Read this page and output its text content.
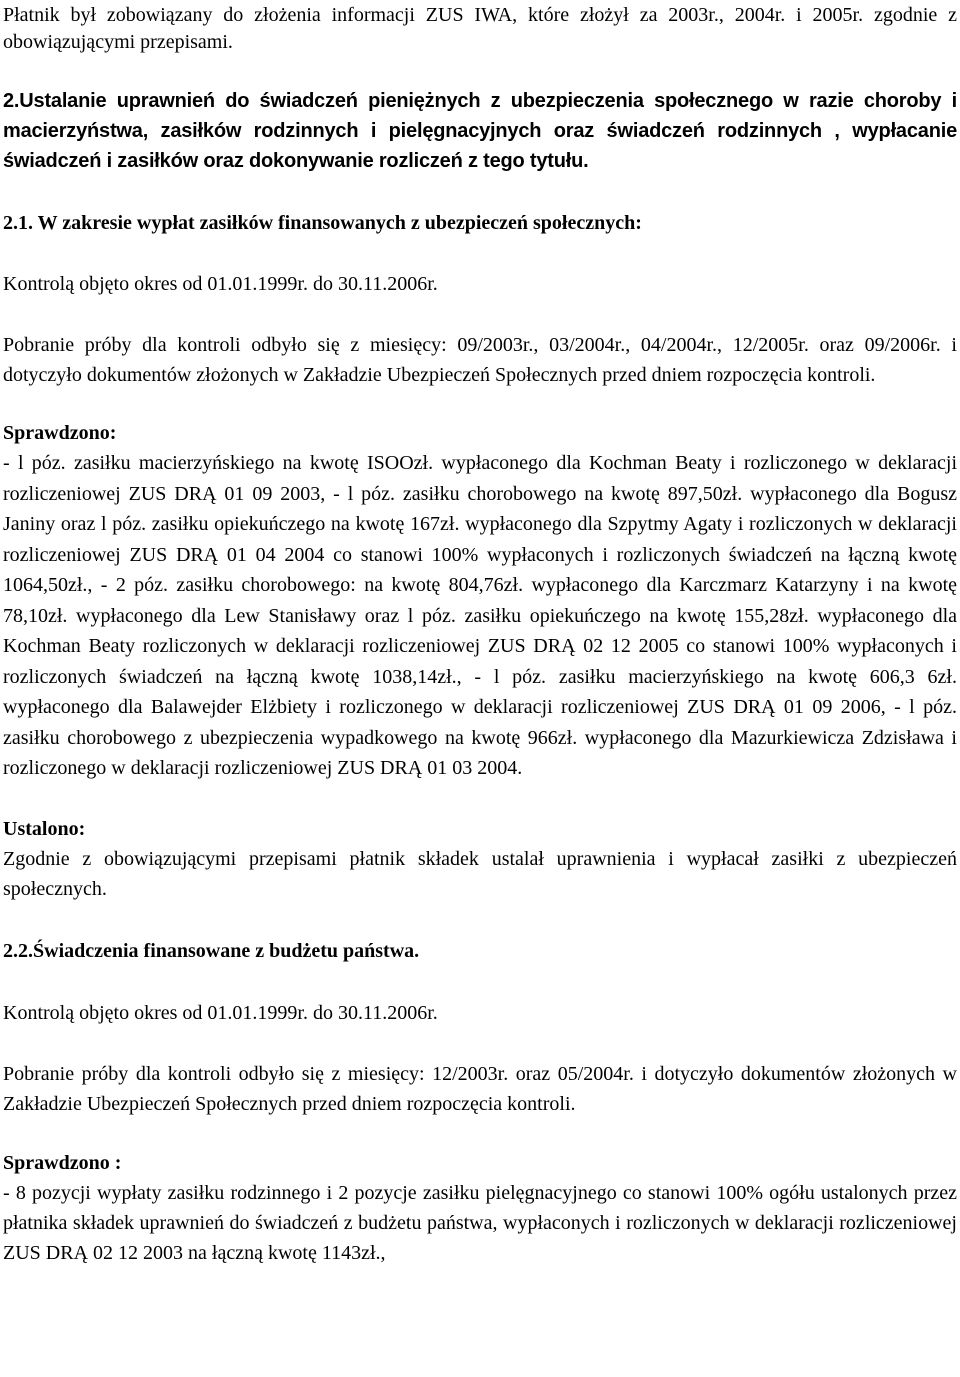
Płatnik był zobowiązany do złożenia informacji ZUS IWA, które złożył za 2003r., 2004r. i 2005r. zgodnie z obowiązującymi przepisami.

2.Ustalanie uprawnień do świadczeń pieniężnych z ubezpieczenia społecznego w razie choroby i macierzyństwa, zasiłków rodzinnych i pielęgnacyjnych oraz świadczeń rodzinnych , wypłacanie świadczeń i zasiłków oraz dokonywanie rozliczeń z tego tytułu.

2.1. W zakresie wypłat zasiłków finansowanych z ubezpieczeń społecznych:

Kontrolą objęto okres od 01.01.1999r. do 30.11.2006r.

Pobranie próby dla kontroli odbyło się z miesięcy: 09/2003r., 03/2004r., 04/2004r., 12/2005r. oraz 09/2006r. i dotyczyło dokumentów złożonych w Zakładzie Ubezpieczeń Społecznych przed dniem rozpoczęcia kontroli.

Sprawdzono:

- l póz. zasiłku macierzyńskiego na kwotę ISOOzł. wypłaconego dla Kochman Beaty i rozliczonego w deklaracji rozliczeniowej ZUS DRĄ 01 09 2003, - l póz. zasiłku chorobowego na kwotę 897,50zł. wypłaconego dla Bogusz Janiny oraz l póz. zasiłku opiekuńczego na kwotę 167zł. wypłaconego dla Szpytmy Agaty i rozliczonych w deklaracji rozliczeniowej ZUS DRĄ 01 04 2004 co stanowi 100% wypłaconych i rozliczonych świadczeń na łączną kwotę 1064,50zł., - 2 póz. zasiłku chorobowego: na kwotę 804,76zł. wypłaconego dla Karczmarz Katarzyny i na kwotę 78,10zł. wypłaconego dla Lew Stanisławy oraz l póz. zasiłku opiekuńczego na kwotę 155,28zł. wypłaconego dla Kochman Beaty rozliczonych w deklaracji rozliczeniowej ZUS DRĄ 02 12 2005 co stanowi 100% wypłaconych i rozliczonych świadczeń na łączną kwotę 1038,14zł., - l póz. zasiłku macierzyńskiego na kwotę 606,3 6zł. wypłaconego dla Balawejder Elżbiety i rozliczonego w deklaracji rozliczeniowej ZUS DRĄ 01 09 2006, - l póz. zasiłku chorobowego z ubezpieczenia wypadkowego na kwotę 966zł. wypłaconego dla Mazurkiewicza Zdzisława i rozliczonego w deklaracji rozliczeniowej ZUS DRĄ 01 03 2004.

Ustalono:

Zgodnie z obowiązującymi przepisami płatnik składek ustalał uprawnienia i wypłacał zasiłki z ubezpieczeń społecznych.

2.2.Świadczenia finansowane z budżetu państwa.

Kontrolą objęto okres od 01.01.1999r. do 30.11.2006r.

Pobranie próby dla kontroli odbyło się z miesięcy: 12/2003r. oraz 05/2004r. i dotyczyło dokumentów złożonych w Zakładzie Ubezpieczeń Społecznych przed dniem rozpoczęcia kontroli.

Sprawdzono :

- 8 pozycji wypłaty zasiłku rodzinnego i 2 pozycje zasiłku pielęgnacyjnego co stanowi 100% ogółu ustalonych przez płatnika składek uprawnień do świadczeń z budżetu państwa, wypłaconych i rozliczonych w deklaracji rozliczeniowej ZUS DRĄ 02 12 2003 na łączną kwotę 1143zł.,
